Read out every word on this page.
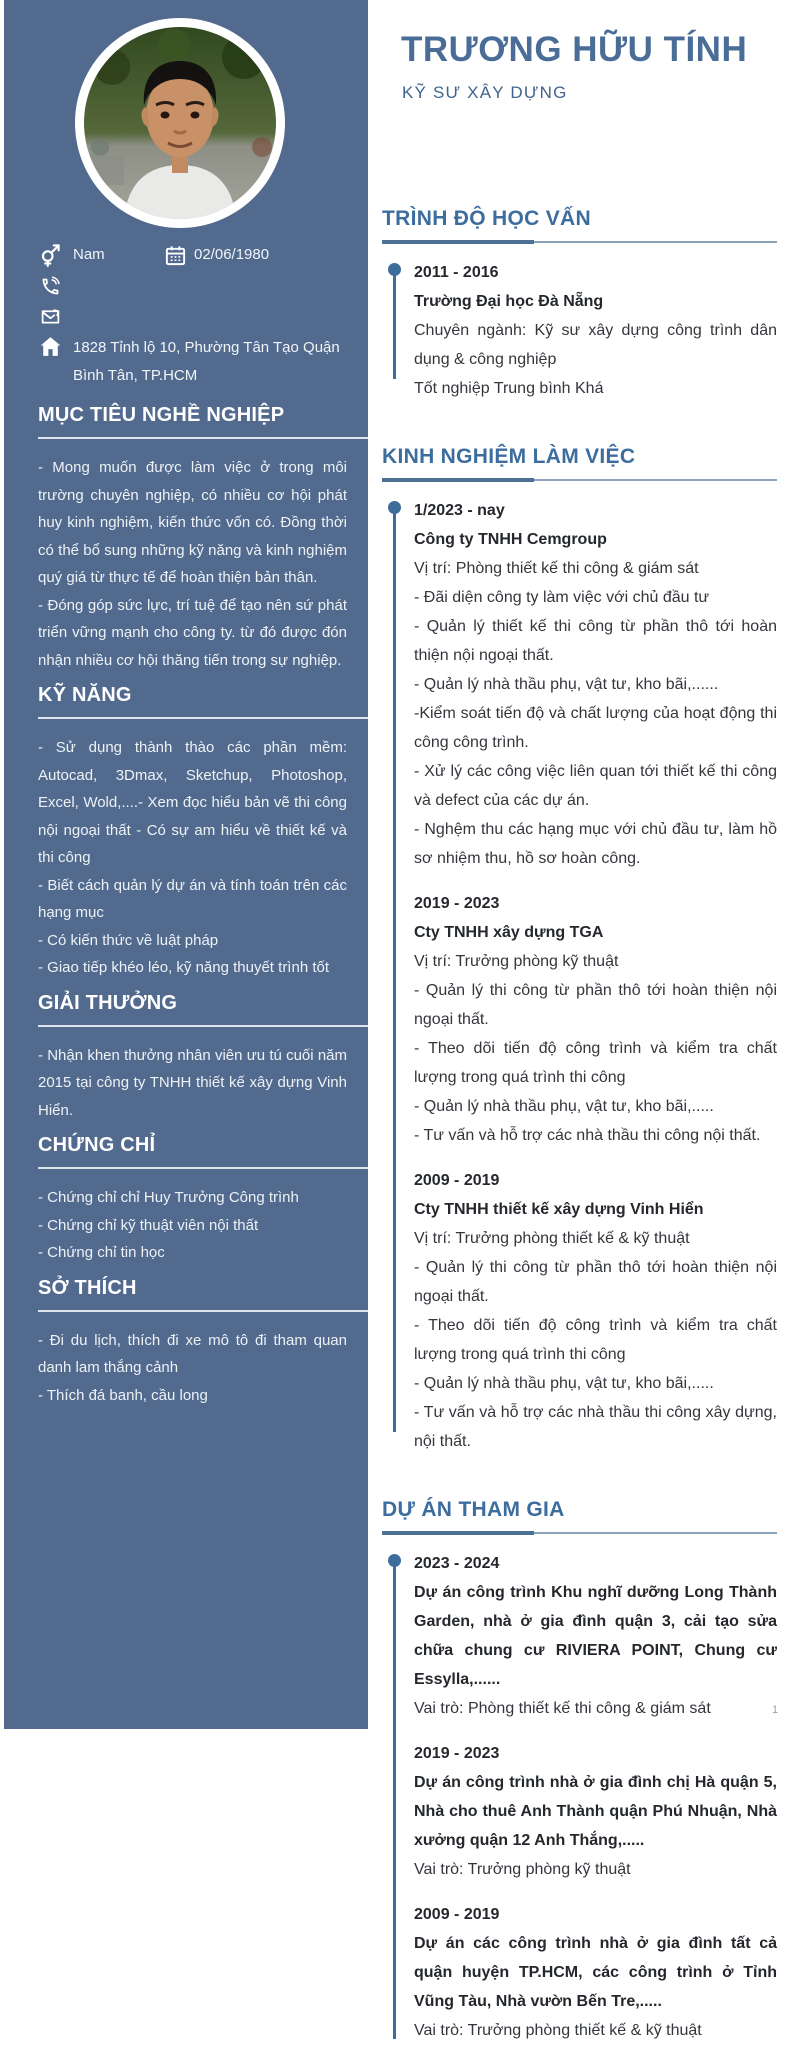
Nam	02/06/1980
1828 Tỉnh lộ 10, Phường Tân Tạo Quận Bình Tân, TP.HCM
MỤC TIÊU NGHỀ NGHIỆP

- Mong muốn được làm việc ở trong môi trường chuyên nghiệp, có nhiều cơ hội phát huy kinh nghiệm, kiến thức vốn có. Đồng thời có thể bổ sung những kỹ năng và kinh nghiệm quý giá từ thực tế để hoàn thiện bản thân.

- Đóng góp sức lực, trí tuệ để tạo nên sứ phát triển vững mạnh cho công ty. từ đó được đón nhận nhiều cơ hội thăng tiến trong sự nghiệp.

KỸ NĂNG

- Sử dụng thành thào các phần mềm: Autocad, 3Dmax, Sketchup, Photoshop, Excel, Wold,....- Xem đọc hiểu bản vẽ thi công nội ngoại thất - Có sự am hiểu về thiết kế và thi công

- Biết cách quản lý dự án và tính toán trên các hạng mục

- Có kiến thức về luật pháp

- Giao tiếp khéo léo, kỹ năng thuyết trình tốt

GIẢI THƯỞNG

- Nhận khen thưởng nhân viên ưu tú cuối năm 2015 tại công ty TNHH thiết kế xây dựng Vinh Hiển.

CHỨNG CHỈ

- Chứng chỉ chỉ Huy Trưởng Công trình

- Chứng chỉ kỹ thuật viên nội thất

- Chứng chỉ tin học

SỞ THÍCH

- Đi du lịch, thích đi xe mô tô đi tham quan danh lam thắng cảnh

- Thích đá banh, cầu long

TRƯƠNG HỮU TÍNH
KỸ SƯ XÂY DỰNG
TRÌNH ĐỘ HỌC VẤN

2011 - 2016

Trường Đại học Đà Nẵng

Chuyên ngành: Kỹ sư xây dựng công trình dân dụng & công nghiệp

Tốt nghiệp Trung bình Khá

KINH NGHIỆM LÀM VIỆC

1/2023 - nay

Công ty TNHH Cemgroup

Vị trí: Phòng thiết kế thi công & giám sát

- Đãi diện công ty làm việc với chủ đầu tư

- Quản lý thiết kế thi công từ phần thô tới hoàn thiện nội ngoại thất.

- Quản lý nhà thầu phụ, vật tư, kho bãi,......

-Kiểm soát tiến độ và chất lượng của hoạt động thi công công trình.

- Xử lý các công việc liên quan tới thiết kế thi công và defect của các dự án.

- Nghệm thu các hạng mục với chủ đầu tư, làm hồ sơ nhiệm thu, hồ sơ hoàn công.

2019 - 2023

Cty TNHH xây dựng TGA

Vị trí: Trưởng phòng kỹ thuật

- Quản lý thi công từ phần thô tới hoàn thiện nội ngoại thất.

- Theo dõi tiến độ công trình và kiểm tra chất lượng trong quá trình thi công

- Quản lý nhà thầu phụ, vật tư, kho bãi,.....

- Tư vấn và hỗ trợ các nhà thầu thi công nội thất.

2009 - 2019

Cty TNHH thiết kế xây dựng Vinh Hiển

Vị trí: Trưởng phòng thiết kế & kỹ thuật

- Quản lý thi công từ phần thô tới hoàn thiện nội ngoại thất.

- Theo dõi tiến độ công trình và kiểm tra chất lượng trong quá trình thi công

- Quản lý nhà thầu phụ, vật tư, kho bãi,.....

- Tư vấn và hỗ trợ các nhà thầu thi công xây dựng, nội thất.

DỰ ÁN THAM GIA

2023 - 2024

Dự án công trình Khu nghĩ dưỡng Long Thành Garden, nhà ở gia đình quận 3, cải tạo sửa chữa chung cư RIVIERA POINT, Chung cư Essylla,......

Vai trò: Phòng thiết kế thi công & giám sát

2019 - 2023

Dự án công trình nhà ở gia đình chị Hà quận 5, Nhà cho thuê Anh Thành quận Phú Nhuận, Nhà xưởng quận 12 Anh Thắng,.....

Vai trò: Trưởng phòng kỹ thuật

2009 - 2019

Dự án các công trình nhà ở gia đình tất cả quận huyện TP.HCM, các công trình ở Tỉnh Vũng Tàu, Nhà vườn Bến Tre,.....

Vai trò: Trưởng phòng thiết kế & kỹ thuật

1
